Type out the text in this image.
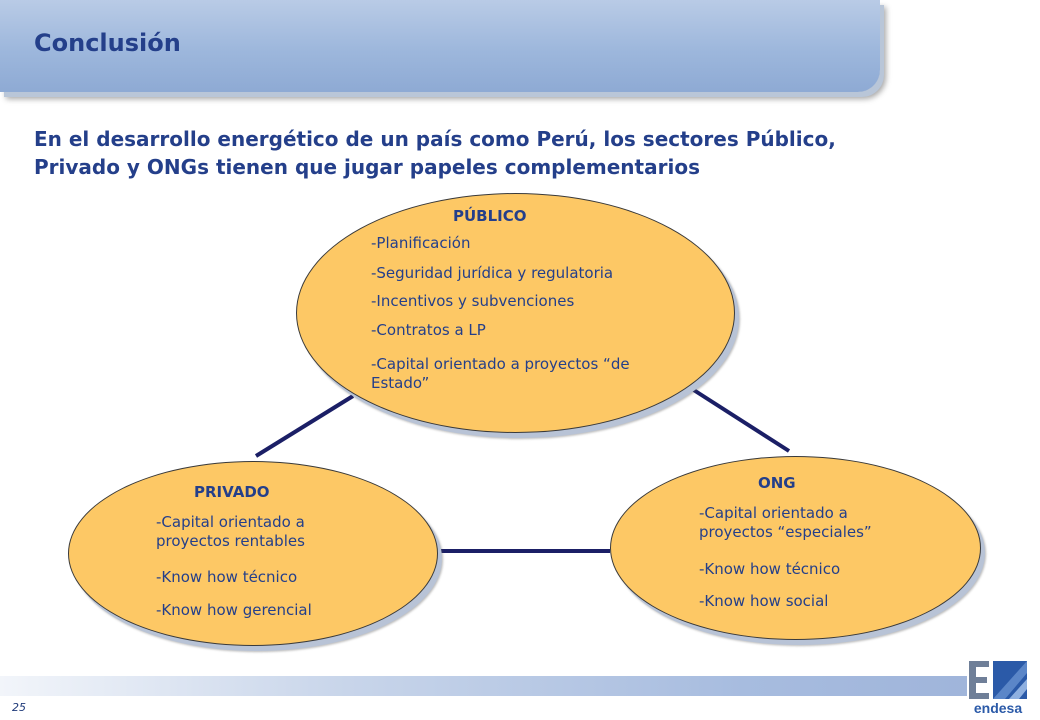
Conclusión
En el desarrollo energético de un país como Perú, los sectores Público,
Privado y ONGs tienen que jugar papeles complementarios
PÚBLICO
-Planificación
-Seguridad jurídica y regulatoria
-Incentivos y subvenciones
-Contratos a LP
-Capital orientado a proyectos “de
Estado”
PRIVADO
-Capital orientado a
proyectos rentables
-Know how técnico
-Know how gerencial
ONG
-Capital orientado a
proyectos “especiales”
-Know how técnico
-Know how social
25	endesa
